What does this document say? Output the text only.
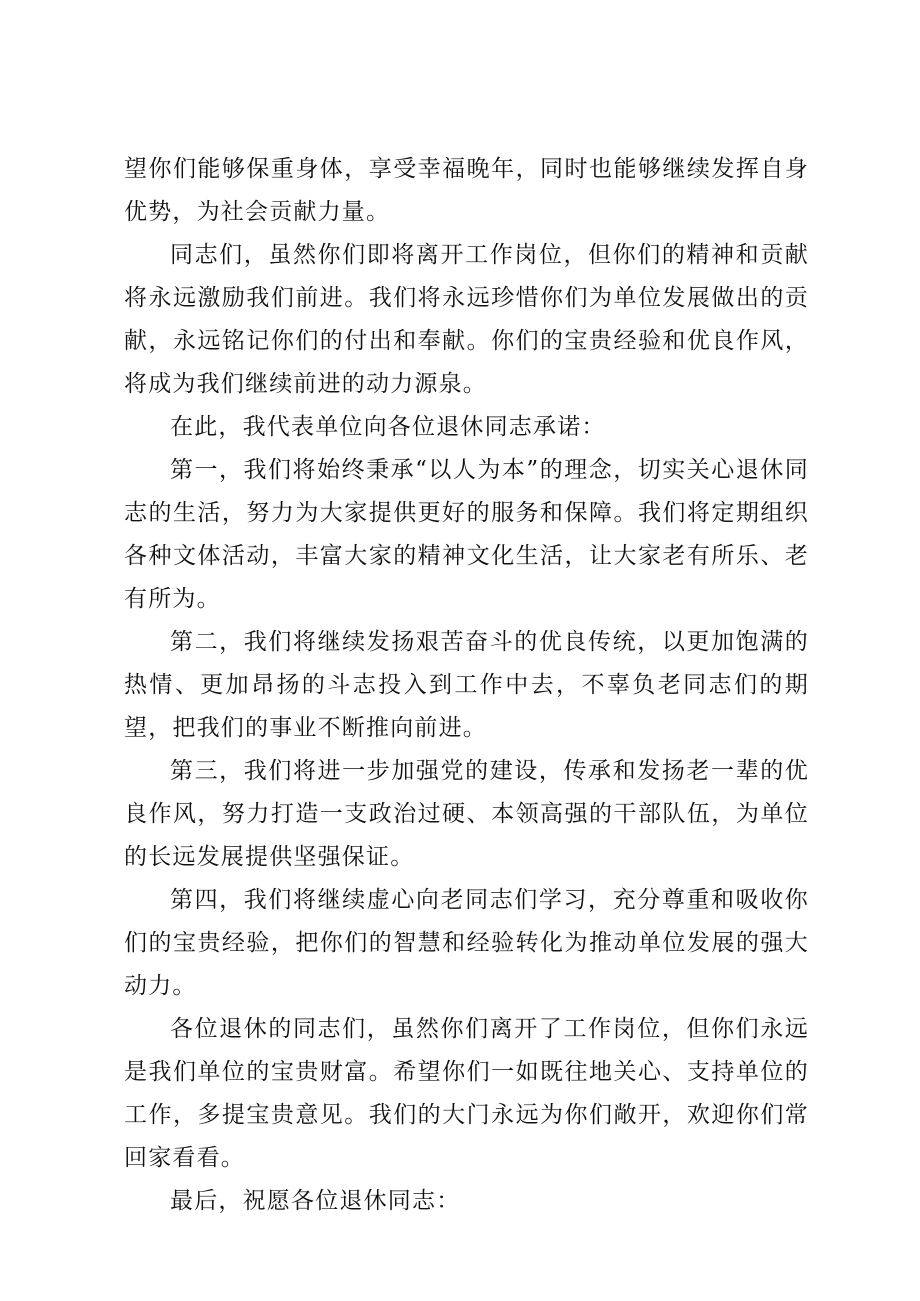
望你们能够保重身体，享受幸福晚年，同时也能够继续发挥自身优势，为社会贡献力量。

同志们，虽然你们即将离开工作岗位，但你们的精神和贡献将永远激励我们前进。我们将永远珍惜你们为单位发展做出的贡献，永远铭记你们的付出和奉献。你们的宝贵经验和优良作风，将成为我们继续前进的动力源泉。

在此，我代表单位向各位退休同志承诺：

第一，我们将始终秉承“以人为本”的理念，切实关心退休同志的生活，努力为大家提供更好的服务和保障。我们将定期组织各种文体活动，丰富大家的精神文化生活，让大家老有所乐、老有所为。

第二，我们将继续发扬艰苦奋斗的优良传统，以更加饱满的热情、更加昂扬的斗志投入到工作中去，不辜负老同志们的期望，把我们的事业不断推向前进。

第三，我们将进一步加强党的建设，传承和发扬老一辈的优良作风，努力打造一支政治过硬、本领高强的干部队伍，为单位的长远发展提供坚强保证。

第四，我们将继续虚心向老同志们学习，充分尊重和吸收你们的宝贵经验，把你们的智慧和经验转化为推动单位发展的强大动力。

各位退休的同志们，虽然你们离开了工作岗位，但你们永远是我们单位的宝贵财富。希望你们一如既往地关心、支持单位的工作，多提宝贵意见。我们的大门永远为你们敞开，欢迎你们常回家看看。

最后，祝愿各位退休同志：
